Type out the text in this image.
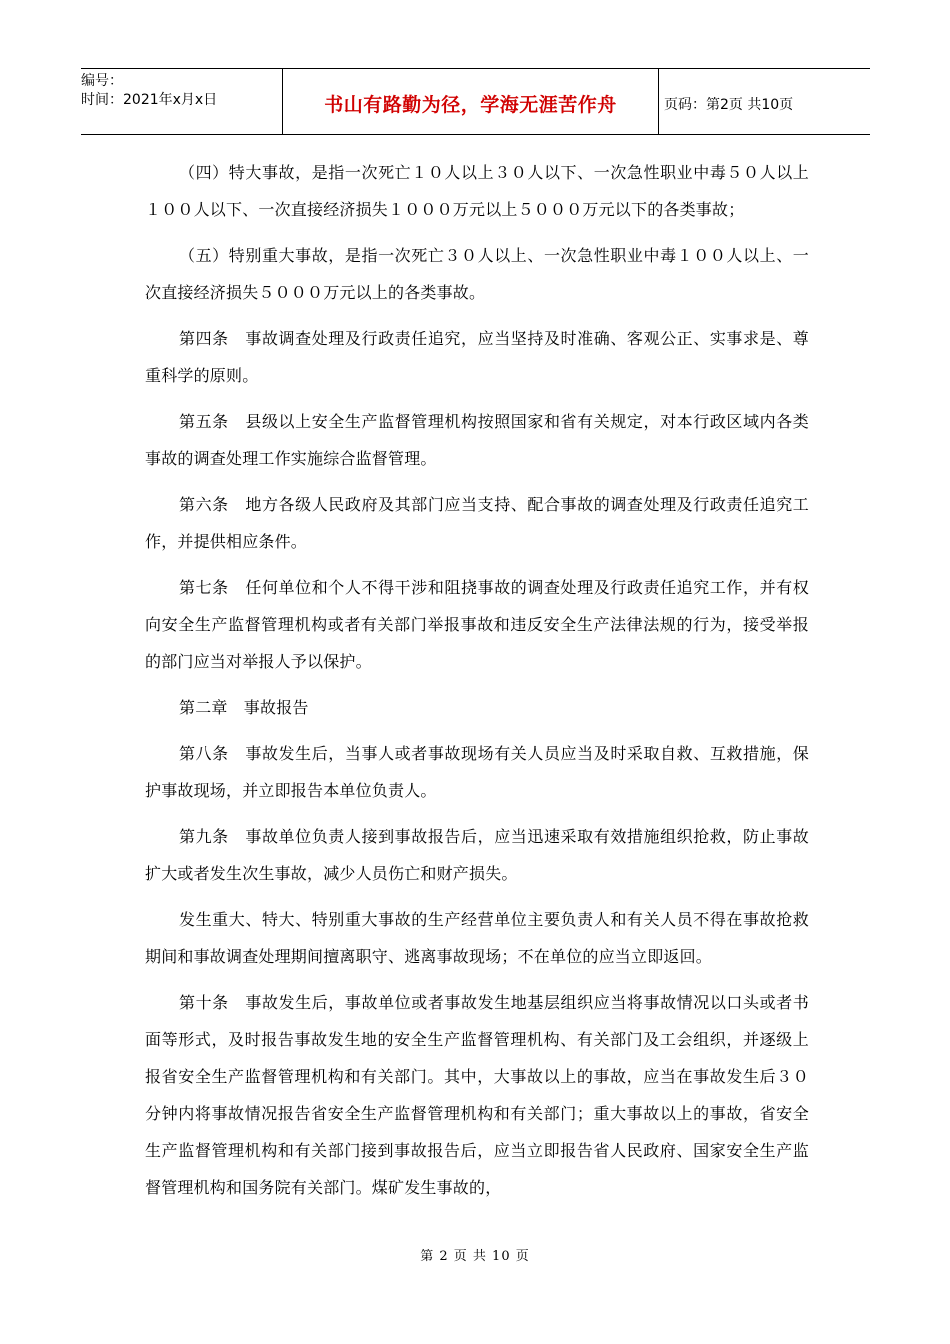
编号：
时间：2021年x月x日	书山有路勤为径，学海无涯苦作舟	页码：第2页 共10页

（四）特大事故，是指一次死亡１０人以上３０人以下、一次急性职业中毒５０人以上１００人以下、一次直接经济损失１０００万元以上５０００万元以下的各类事故；

（五）特别重大事故，是指一次死亡３０人以上、一次急性职业中毒１００人以上、一次直接经济损失５０００万元以上的各类事故。

第四条　事故调查处理及行政责任追究，应当坚持及时准确、客观公正、实事求是、尊重科学的原则。

第五条　县级以上安全生产监督管理机构按照国家和省有关规定，对本行政区域内各类事故的调查处理工作实施综合监督管理。

第六条　地方各级人民政府及其部门应当支持、配合事故的调查处理及行政责任追究工作，并提供相应条件。

第七条　任何单位和个人不得干涉和阻挠事故的调查处理及行政责任追究工作，并有权向安全生产监督管理机构或者有关部门举报事故和违反安全生产法律法规的行为，接受举报的部门应当对举报人予以保护。

第二章　事故报告

第八条　事故发生后，当事人或者事故现场有关人员应当及时采取自救、互救措施，保护事故现场，并立即报告本单位负责人。

第九条　事故单位负责人接到事故报告后，应当迅速采取有效措施组织抢救，防止事故扩大或者发生次生事故，减少人员伤亡和财产损失。

发生重大、特大、特别重大事故的生产经营单位主要负责人和有关人员不得在事故抢救期间和事故调查处理期间擅离职守、逃离事故现场；不在单位的应当立即返回。

第十条　事故发生后，事故单位或者事故发生地基层组织应当将事故情况以口头或者书面等形式，及时报告事故发生地的安全生产监督管理机构、有关部门及工会组织，并逐级上报省安全生产监督管理机构和有关部门。其中，大事故以上的事故，应当在事故发生后３０分钟内将事故情况报告省安全生产监督管理机构和有关部门；重大事故以上的事故，省安全生产监督管理机构和有关部门接到事故报告后，应当立即报告省人民政府、国家安全生产监督管理机构和国务院有关部门。煤矿发生事故的，

第 2 页 共 10 页
